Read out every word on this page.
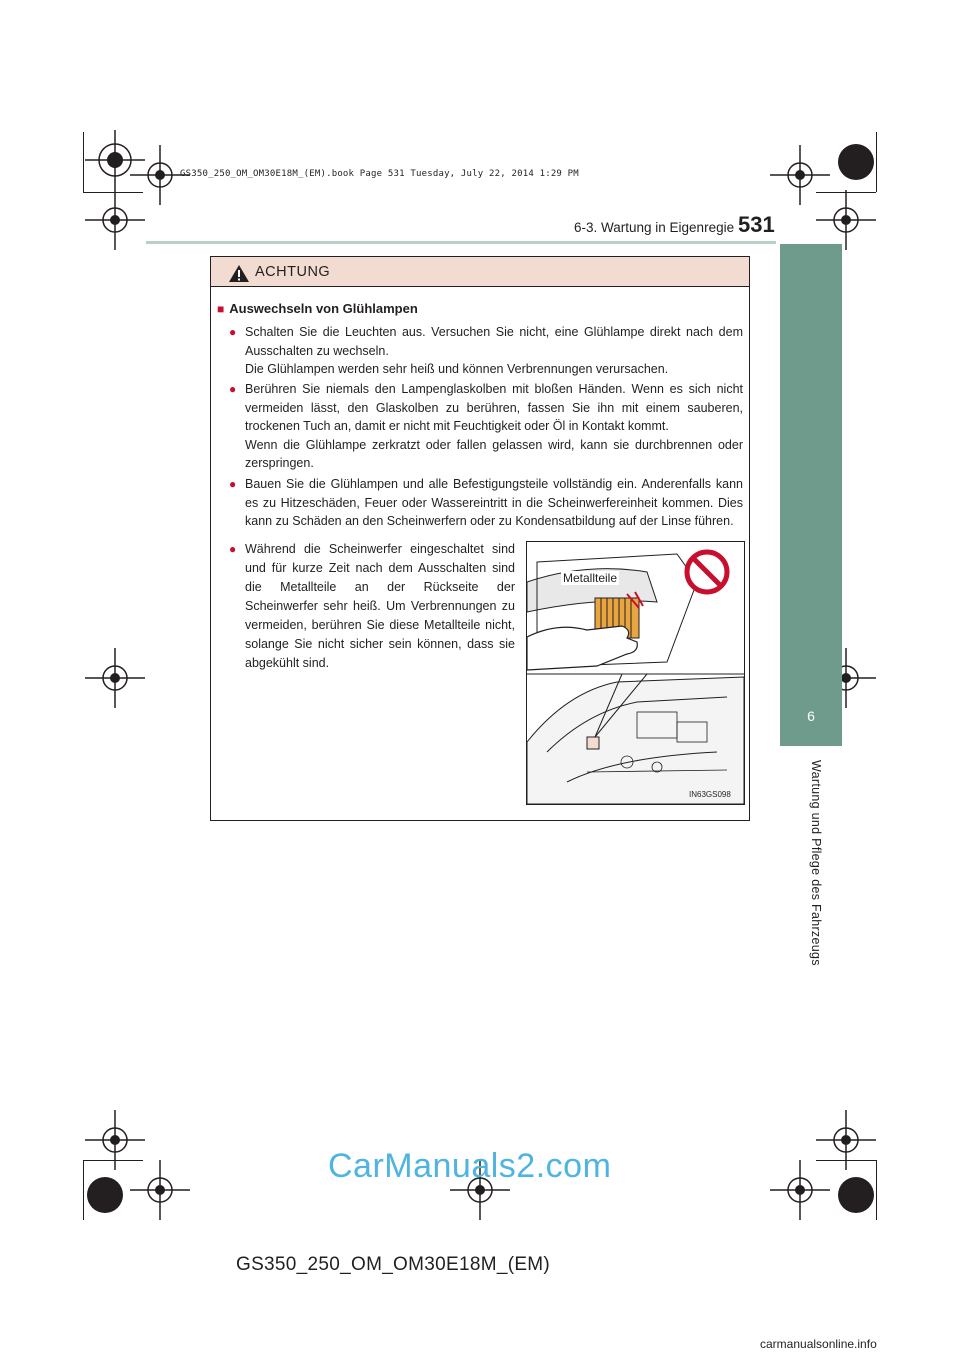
GS350_250_OM_OM30E18M_(EM).book Page 531 Tuesday, July 22, 2014 1:29 PM
6-3. Wartung in Eigenregie 531
6
Wartung und Pflege des Fahrzeugs
ACHTUNG
■ Auswechseln von Glühlampen
● Schalten Sie die Leuchten aus. Versuchen Sie nicht, eine Glühlampe direkt nach dem Ausschalten zu wechseln.
Die Glühlampen werden sehr heiß und können Verbrennungen verursachen.
● Berühren Sie niemals den Lampenglaskolben mit bloßen Händen. Wenn es sich nicht vermeiden lässt, den Glaskolben zu berühren, fassen Sie ihn mit einem sauberen, trockenen Tuch an, damit er nicht mit Feuchtigkeit oder Öl in Kontakt kommt.
Wenn die Glühlampe zerkratzt oder fallen gelassen wird, kann sie durchbrennen oder zerspringen.
● Bauen Sie die Glühlampen und alle Befestigungsteile vollständig ein. Anderenfalls kann es zu Hitzeschäden, Feuer oder Wassereintritt in die Scheinwerfereinheit kommen. Dies kann zu Schäden an den Scheinwerfern oder zu Kondensatbildung auf der Linse führen.
● Während die Scheinwerfer eingeschaltet sind und für kurze Zeit nach dem Ausschalten sind die Metallteile an der Rückseite der Scheinwerfer sehr heiß. Um Verbrennungen zu vermeiden, berühren Sie diese Metallteile nicht, solange Sie nicht sicher sein können, dass sie abgekühlt sind.
Metallteile
IN63GS098
CarManuals2.com
GS350_250_OM_OM30E18M_(EM)
carmanualsonline.info
